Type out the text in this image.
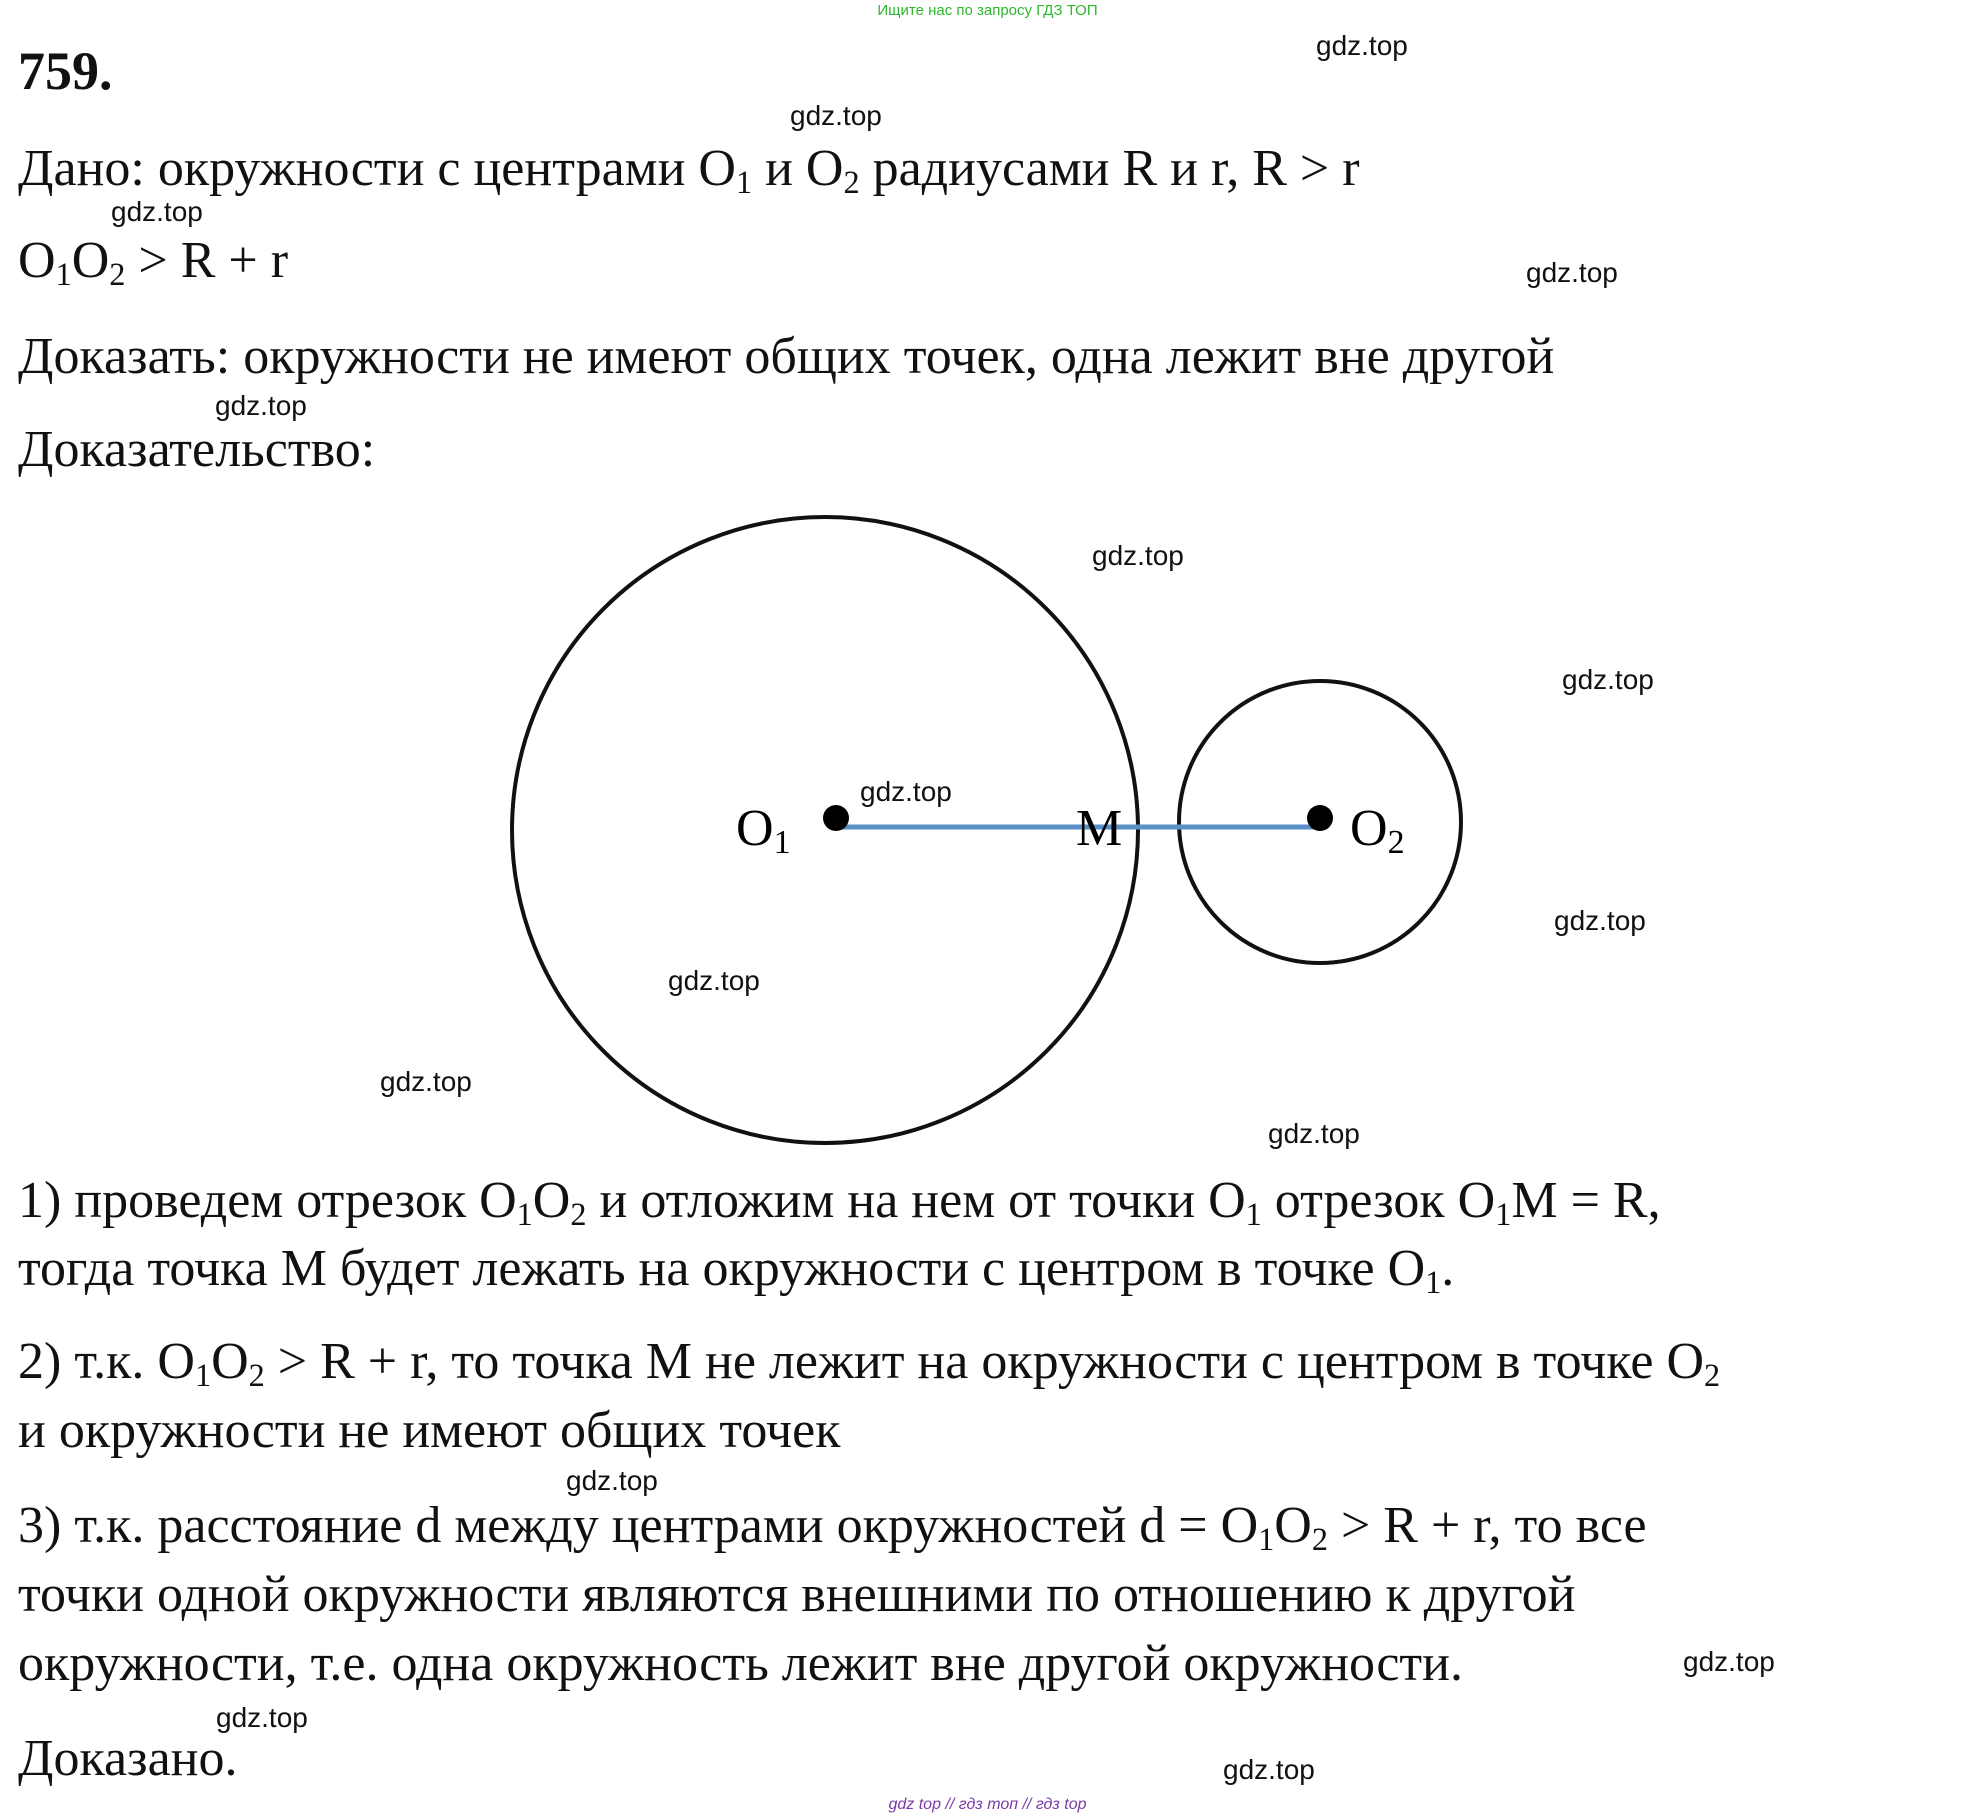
Ищите нас по запросу ГДЗ ТОП
gdz top // гдз топ // гдз top
759.
Дано: окружности с центрами $O_1$ и $O_2$ радиусами R и r, R > r
$O_1O_2 > R + r$
Доказать: окружности не имеют общих точек, одна лежит вне другой
Доказательство:
O1	O2
M
1) проведем отрезок $O_1O_2$ и отложим на нем от точки $O_1$ отрезок $O_1M = R$,
тогда точка M будет лежать на окружности с центром в точке $O_1$.
2) т.к. $O_1O_2 > R + r$, то точка M не лежит на окружности с центром в точке $O_2$
и окружности не имеют общих точек
3) т.к. расстояние d между центрами окружностей $d = O_1O_2 > R + r$, то все
точки одной окружности являются внешними по отношению к другой
окружности, т.е. одна окружность лежит вне другой окружности.
Доказано.
gdz.top
gdz.top
gdz.top
gdz.top
gdz.top
gdz.top
gdz.top
gdz.top
gdz.top
gdz.top
gdz.top
gdz.top
gdz.top
gdz.top
gdz.top
gdz.top
